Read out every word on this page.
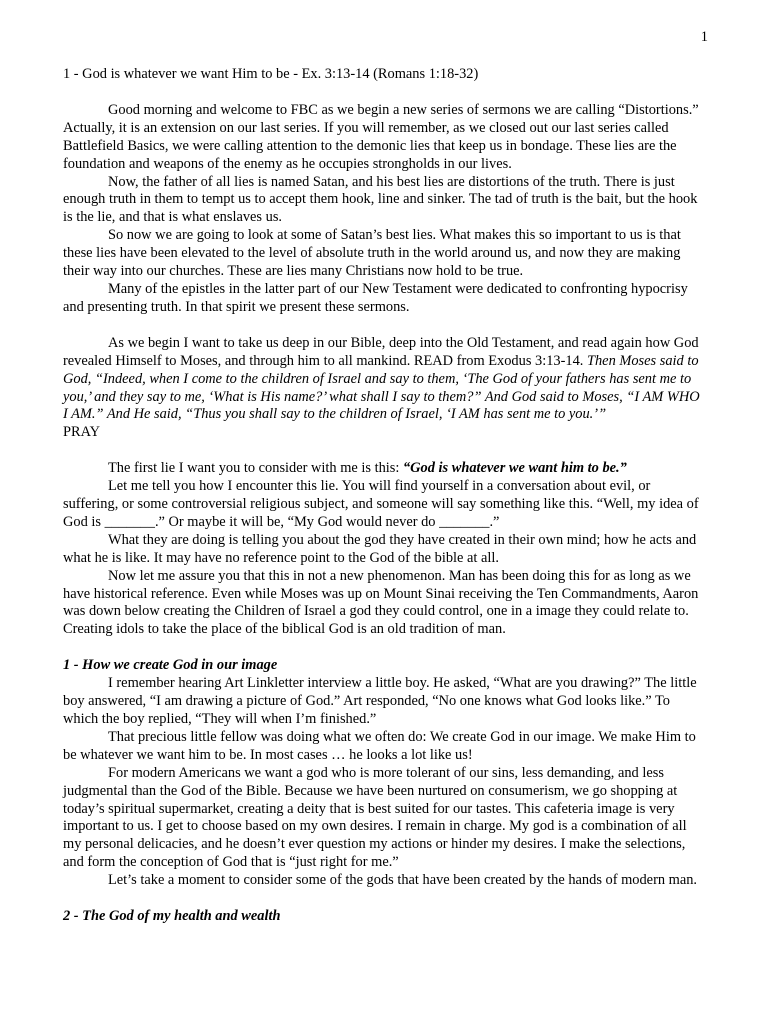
1

1 - God is whatever we want Him to be - Ex. 3:13-14 (Romans 1:18-32)

Good morning and welcome to FBC as we begin a new series of sermons we are calling “Distortions.” Actually, it is an extension on our last series. If you will remember, as we closed out our last series called Battlefield Basics, we were calling attention to the demonic lies that keep us in bondage. These lies are the foundation and weapons of the enemy as he occupies strongholds in our lives.

Now, the father of all lies is named Satan, and his best lies are distortions of the truth. There is just enough truth in them to tempt us to accept them hook, line and sinker. The tad of truth is the bait, but the hook is the lie, and that is what enslaves us.

So now we are going to look at some of Satan’s best lies. What makes this so important to us is that these lies have been elevated to the level of absolute truth in the world around us, and now they are making their way into our churches. These are lies many Christians now hold to be true.

Many of the epistles in the latter part of our New Testament were dedicated to confronting hypocrisy and presenting truth. In that spirit we present these sermons.

As we begin I want to take us deep in our Bible, deep into the Old Testament, and read again how God revealed Himself to Moses, and through him to all mankind. READ from Exodus 3:13-14. Then Moses said to God, “Indeed, when I come to the children of Israel and say to them, ‘The God of your fathers has sent me to you,’ and they say to me, ‘What is His name?’ what shall I say to them?” And God said to Moses, “I AM WHO I AM.” And He said, “Thus you shall say to the children of Israel, ‘I AM has sent me to you.’”

PRAY

The first lie I want you to consider with me is this: “God is whatever we want him to be.”

Let me tell you how I encounter this lie. You will find yourself in a conversation about evil, or suffering, or some controversial religious subject, and someone will say something like this. “Well, my idea of God is _______.” Or maybe it will be, “My God would never do _______.”

What they are doing is telling you about the god they have created in their own mind; how he acts and what he is like. It may have no reference point to the God of the bible at all.

Now let me assure you that this in not a new phenomenon. Man has been doing this for as long as we have historical reference. Even while Moses was up on Mount Sinai receiving the Ten Commandments, Aaron was down below creating the Children of Israel a god they could control, one in a image they could relate to. Creating idols to take the place of the biblical God is an old tradition of man.

1 - How we create God in our image

I remember hearing Art Linkletter interview a little boy. He asked, “What are you drawing?” The little boy answered, “I am drawing a picture of God.” Art responded, “No one knows what God looks like.” To which the boy replied, “They will when I’m finished.”

That precious little fellow was doing what we often do: We create God in our image. We make Him to be whatever we want him to be. In most cases … he looks a lot like us!

For modern Americans we want a god who is more tolerant of our sins, less demanding, and less judgmental than the God of the Bible. Because we have been nurtured on consumerism, we go shopping at today’s spiritual supermarket, creating a deity that is best suited for our tastes. This cafeteria image is very important to us. I get to choose based on my own desires. I remain in charge. My god is a combination of all my personal delicacies, and he doesn’t ever question my actions or hinder my desires. I make the selections, and form the conception of God that is “just right for me.”

Let’s take a moment to consider some of the gods that have been created by the hands of modern man.

2 - The God of my health and wealth
